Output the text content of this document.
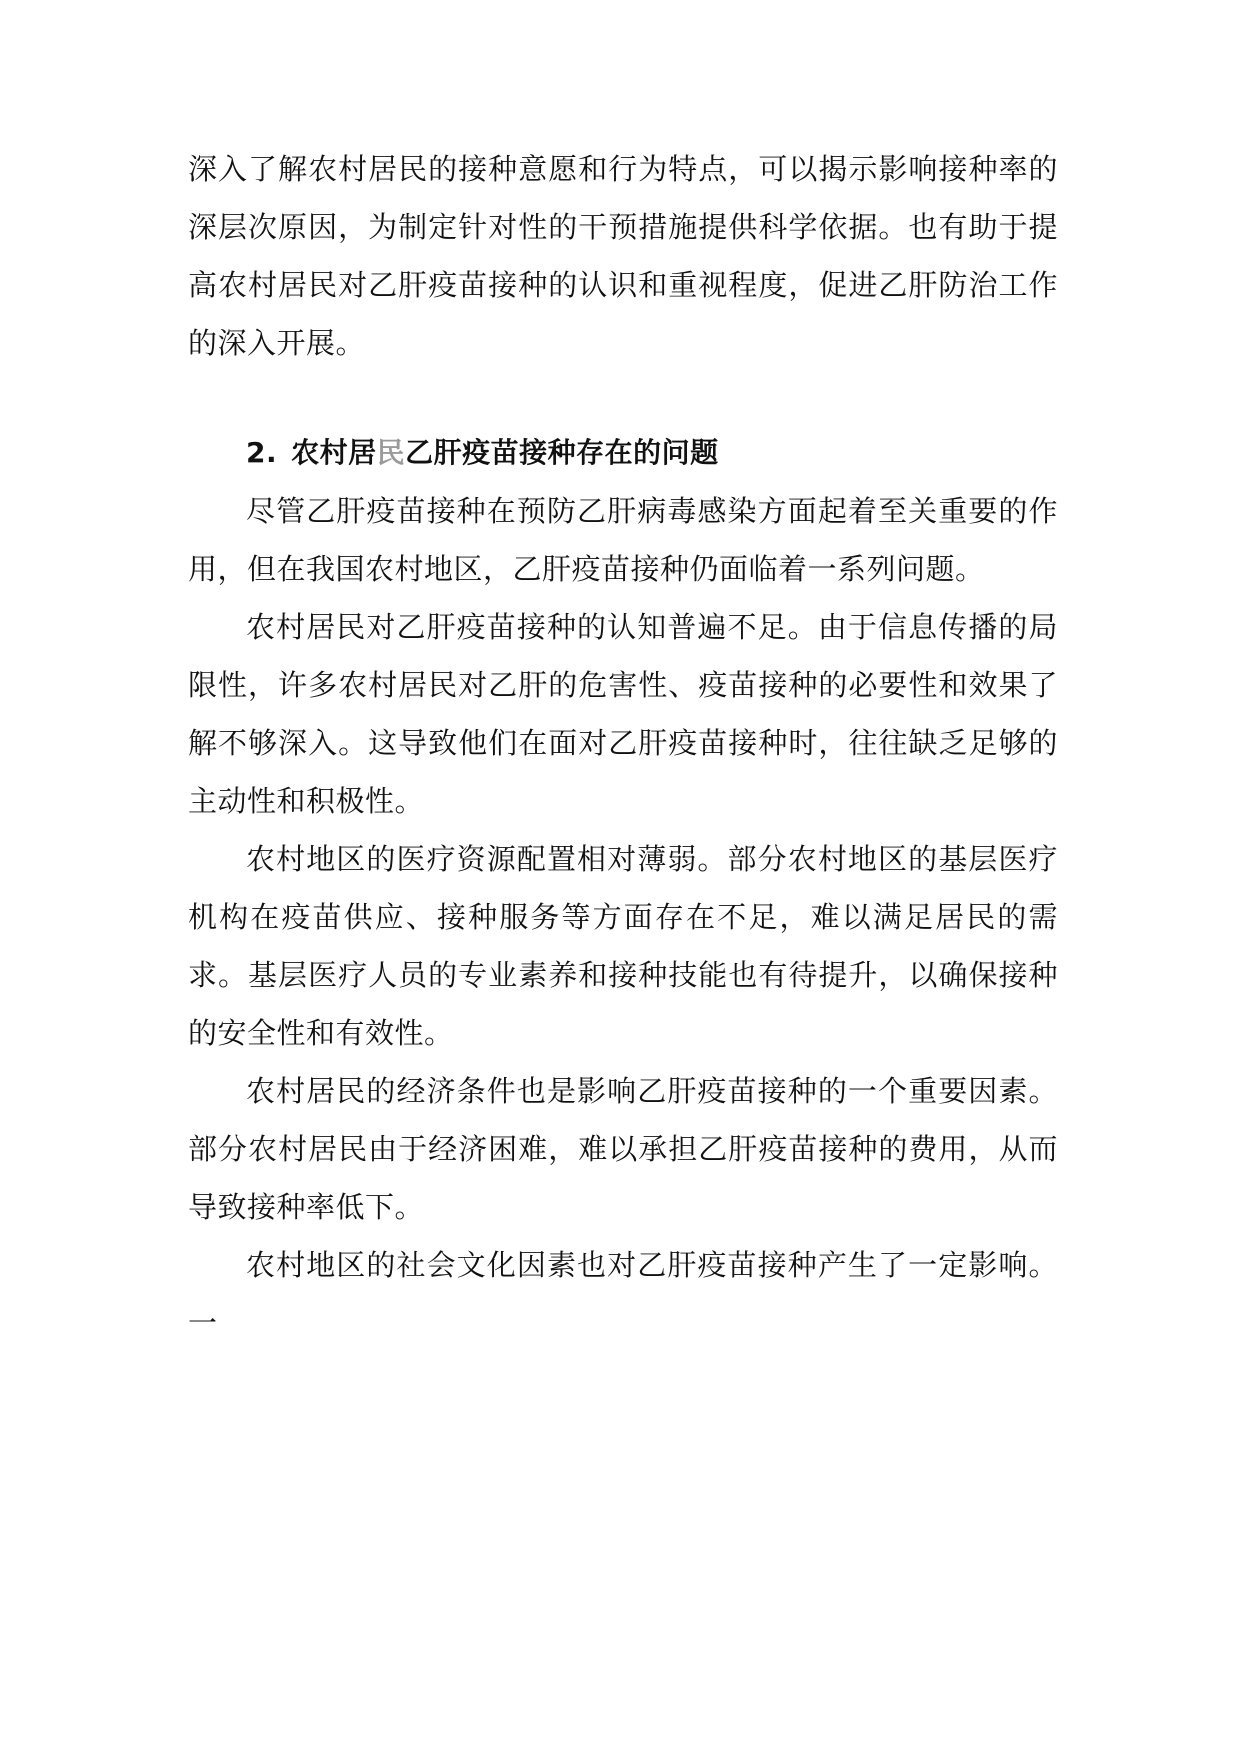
深入了解农村居民的接种意愿和行为特点，可以揭示影响接种率的深层次原因，为制定针对性的干预措施提供科学依据。也有助于提高农村居民对乙肝疫苗接种的认识和重视程度，促进乙肝防治工作的深入开展。

2. 农村居民乙肝疫苗接种存在的问题

尽管乙肝疫苗接种在预防乙肝病毒感染方面起着至关重要的作用，但在我国农村地区，乙肝疫苗接种仍面临着一系列问题。

农村居民对乙肝疫苗接种的认知普遍不足。由于信息传播的局限性，许多农村居民对乙肝的危害性、疫苗接种的必要性和效果了解不够深入。这导致他们在面对乙肝疫苗接种时，往往缺乏足够的主动性和积极性。

农村地区的医疗资源配置相对薄弱。部分农村地区的基层医疗机构在疫苗供应、接种服务等方面存在不足，难以满足居民的需求。基层医疗人员的专业素养和接种技能也有待提升，以确保接种的安全性和有效性。

农村居民的经济条件也是影响乙肝疫苗接种的一个重要因素。部分农村居民由于经济困难，难以承担乙肝疫苗接种的费用，从而导致接种率低下。

农村地区的社会文化因素也对乙肝疫苗接种产生了一定影响。一
